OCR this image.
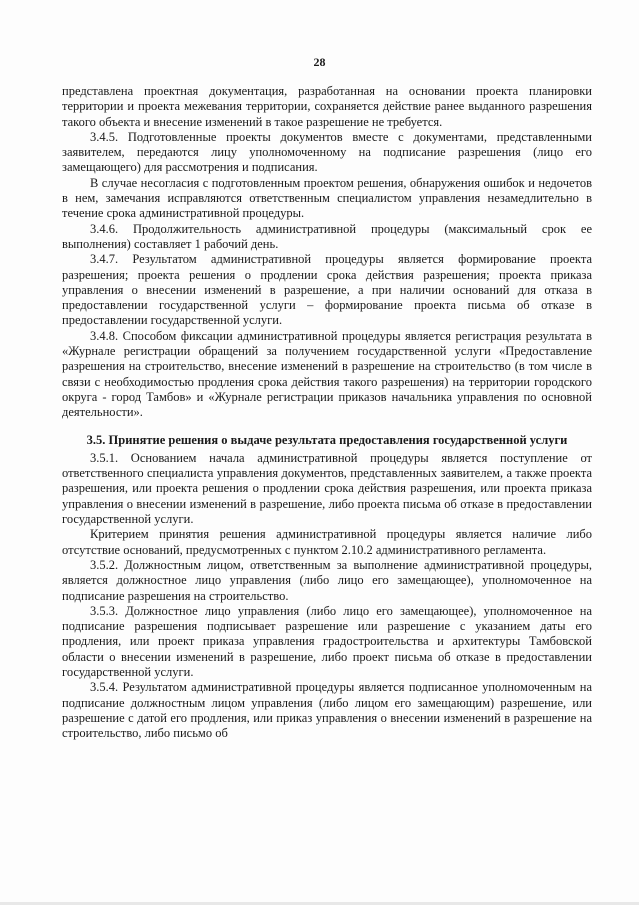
28

представлена проектная документация, разработанная на основании проекта планировки территории и проекта межевания территории, сохраняется действие ранее выданного разрешения такого объекта и внесение изменений в такое разрешение не требуется.

3.4.5. Подготовленные проекты документов вместе с документами, представленными заявителем, передаются лицу уполномоченному на подписание разрешения (лицо его замещающего) для рассмотрения и подписания.

В случае несогласия с подготовленным проектом решения, обнаружения ошибок и недочетов в нем, замечания исправляются ответственным специалистом управления незамедлительно в течение срока административной процедуры.

3.4.6. Продолжительность административной процедуры (максимальный срок ее выполнения) составляет 1 рабочий день.

3.4.7. Результатом административной процедуры является формирование проекта разрешения; проекта решения о продлении срока действия разрешения; проекта приказа управления о внесении изменений в разрешение, а при наличии оснований для отказа в предоставлении государственной услуги – формирование проекта письма об отказе в предоставлении государственной услуги.

3.4.8. Способом фиксации административной процедуры является регистрация результата в «Журнале регистрации обращений за получением государственной услуги «Предоставление разрешения на строительство, внесение изменений в разрешение на строительство (в том числе в связи с необходимостью продления срока действия такого разрешения) на территории городского округа - город Тамбов» и «Журнале регистрации приказов начальника управления по основной деятельности».

3.5. Принятие решения о выдаче результата предоставления государственной услуги

3.5.1. Основанием начала административной процедуры является поступление от ответственного специалиста управления документов, представленных заявителем, а также проекта разрешения, или проекта решения о продлении срока действия разрешения, или проекта приказа управления о внесении изменений в разрешение, либо проекта письма об отказе в предоставлении государственной услуги.

Критерием принятия решения административной процедуры является наличие либо отсутствие оснований, предусмотренных с пунктом 2.10.2 административного регламента.

3.5.2. Должностным лицом, ответственным за выполнение административной процедуры, является должностное лицо управления (либо лицо его замещающее), уполномоченное на подписание разрешения на строительство.

3.5.3. Должностное лицо управления (либо лицо его замещающее), уполномоченное на подписание разрешения подписывает разрешение или разрешение с указанием даты его продления, или проект приказа управления градостроительства и архитектуры Тамбовской области о внесении изменений в разрешение, либо проект письма об отказе в предоставлении государственной услуги.

3.5.4. Результатом административной процедуры является подписанное уполномоченным на подписание должностным лицом управления (либо лицом его замещающим) разрешение, или разрешение с датой его продления, или приказ управления о внесении изменений в разрешение на строительство, либо письмо об
